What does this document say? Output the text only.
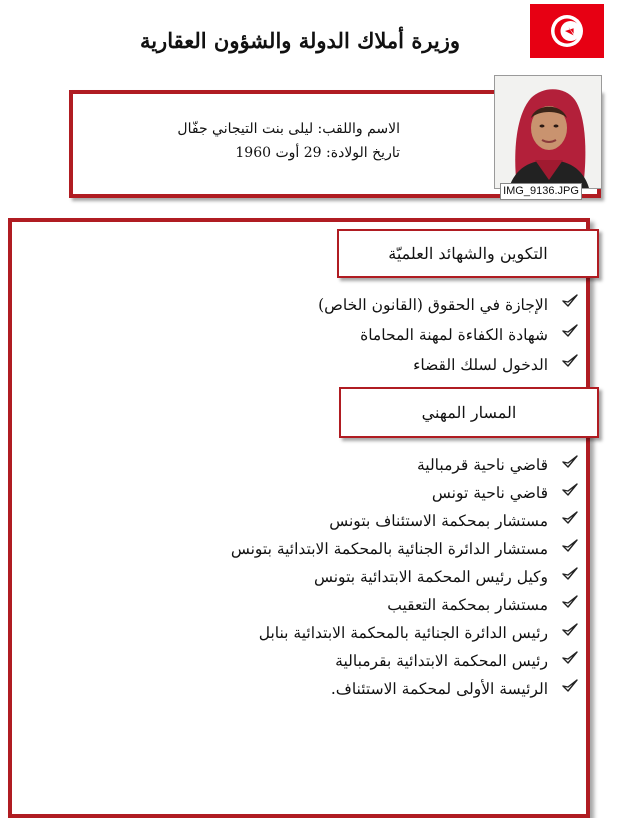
وزيرة أملاك الدولة والشؤون العقارية
الاسم واللقب: ليلى بنت التيجاني جفّال
تاريخ الولادة: 29 أوت 1960
IMG_9136.JPG
التكوين والشهائد العلميّة
الإجازة في الحقوق (القانون الخاص)
شهادة الكفاءة لمهنة المحاماة
الدخول لسلك القضاء
المسار المهني
قاضي ناحية قرمبالية
قاضي ناحية تونس
مستشار بمحكمة الاستئناف بتونس
مستشار الدائرة الجنائية بالمحكمة الابتدائية بتونس
وكيل رئيس المحكمة الابتدائية بتونس
مستشار بمحكمة التعقيب
رئيس الدائرة الجنائية بالمحكمة الابتدائية بنابل
رئيس المحكمة الابتدائية بقرمبالية
الرئيسة الأولى لمحكمة الاستئناف.
